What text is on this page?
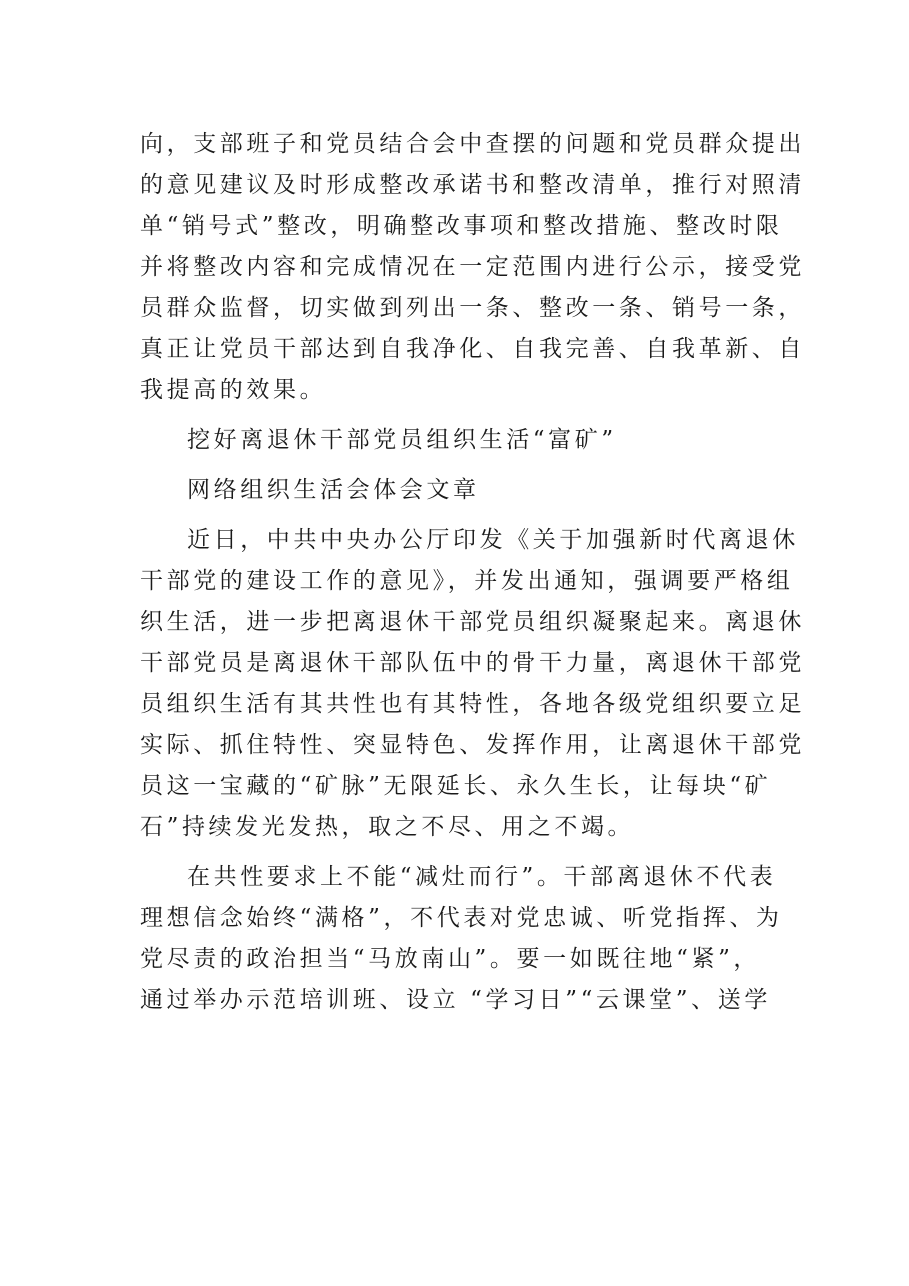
向，支部班子和党员结合会中查摆的问题和党员群众提出
的意见建议及时形成整改承诺书和整改清单，推行对照清
单“销号式”整改，明确整改事项和整改措施、整改时限
并将整改内容和完成情况在一定范围内进行公示，接受党
员群众监督，切实做到列出一条、整改一条、销号一条，
真正让党员干部达到自我净化、自我完善、自我革新、自
我提高的效果。
挖好离退休干部党员组织生活“富矿”
网络组织生活会体会文章
近日，中共中央办公厅印发《关于加强新时代离退休
干部党的建设工作的意见》，并发出通知，强调要严格组
织生活，进一步把离退休干部党员组织凝聚起来。离退休
干部党员是离退休干部队伍中的骨干力量，离退休干部党
员组织生活有其共性也有其特性，各地各级党组织要立足
实际、抓住特性、突显特色、发挥作用，让离退休干部党
员这一宝藏的“矿脉”无限延长、永久生长，让每块“矿
石”持续发光发热，取之不尽、用之不竭。
在共性要求上不能“减灶而行”。干部离退休不代表
理想信念始终“满格”，不代表对党忠诚、听党指挥、为
党尽责的政治担当“马放南山”。要一如既往地“紧”，
通过举办示范培训班、设立 “学习日”“云课堂”、送学
